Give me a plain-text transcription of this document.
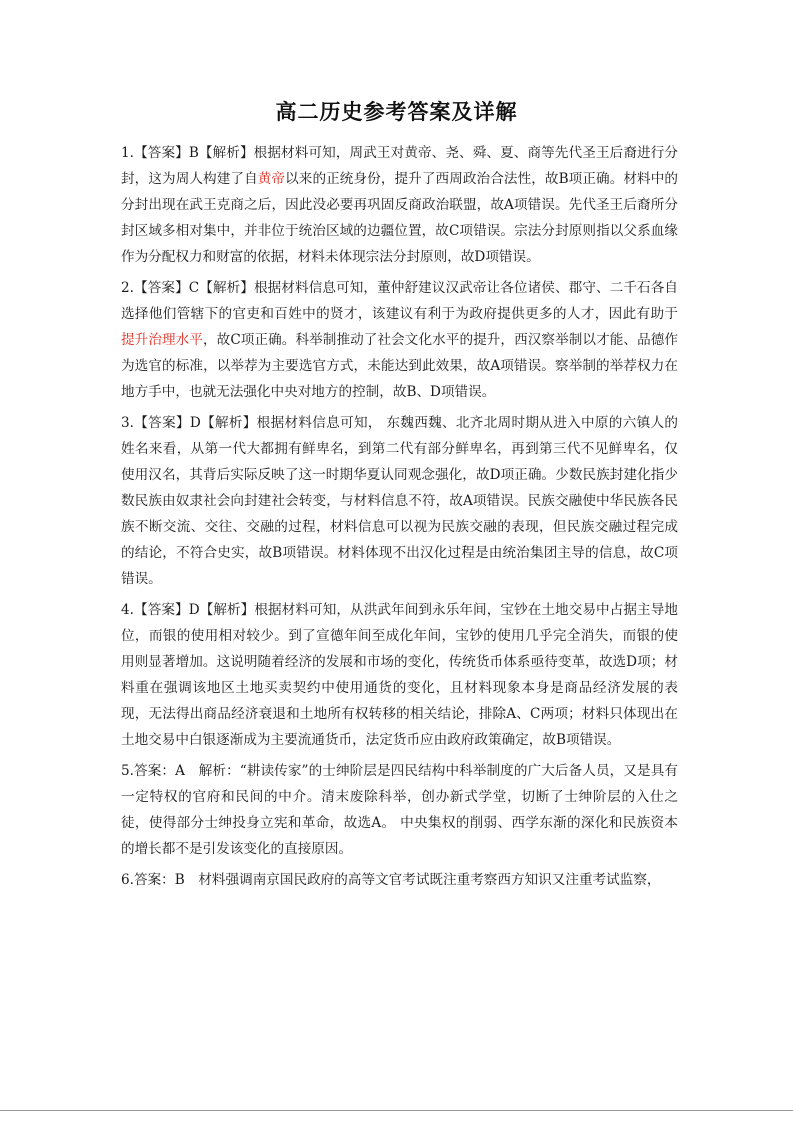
高二历史参考答案及详解

1.【答案】B【解析】根据材料可知，周武王对黄帝、尧、舜、夏、商等先代圣王后裔进行分封，这为周人构建了自黄帝以来的正统身份，提升了西周政治合法性，故B项正确。材料中的分封出现在武王克商之后，因此没必要再巩固反商政治联盟，故A项错误。先代圣王后裔所分封区域多相对集中，并非位于统治区域的边疆位置，故C项错误。宗法分封原则指以父系血缘作为分配权力和财富的依据，材料未体现宗法分封原则，故D项错误。

2.【答案】C【解析】根据材料信息可知，董仲舒建议汉武帝让各位诸侯、郡守、二千石各自选择他们管辖下的官吏和百姓中的贤才，该建议有利于为政府提供更多的人才，因此有助于提升治理水平，故C项正确。科举制推动了社会文化水平的提升，西汉察举制以才能、品德作为选官的标准，以举荐为主要选官方式，未能达到此效果，故A项错误。察举制的举荐权力在地方手中，也就无法强化中央对地方的控制，故B、D项错误。

3.【答案】D【解析】根据材料信息可知， 东魏西魏、北齐北周时期从进入中原的六镇人的姓名来看，从第一代大都拥有鲜卑名，到第二代有部分鲜卑名，再到第三代不见鲜卑名，仅使用汉名，其背后实际反映了这一时期华夏认同观念强化，故D项正确。少数民族封建化指少数民族由奴隶社会向封建社会转变，与材料信息不符，故A项错误。民族交融使中华民族各民族不断交流、交往、交融的过程，材料信息可以视为民族交融的表现，但民族交融过程完成的结论，不符合史实，故B项错误。材料体现不出汉化过程是由统治集团主导的信息，故C项错误。

4.【答案】D【解析】根据材料可知，从洪武年间到永乐年间，宝钞在土地交易中占据主导地位，而银的使用相对较少。到了宣德年间至成化年间，宝钞的使用几乎完全消失，而银的使用则显著增加。这说明随着经济的发展和市场的变化，传统货币体系亟待变革，故选D项；材料重在强调该地区土地买卖契约中使用通货的变化，且材料现象本身是商品经济发展的表现，无法得出商品经济衰退和土地所有权转移的相关结论，排除A、C两项；材料只体现出在土地交易中白银逐渐成为主要流通货币，法定货币应由政府政策确定，故B项错误。

5.答案：A　解析：“耕读传家”的士绅阶层是四民结构中科举制度的广大后备人员，又是具有一定特权的官府和民间的中介。清末废除科举，创办新式学堂，切断了士绅阶层的入仕之徒，使得部分士绅投身立宪和革命，故选A。 中央集权的削弱、西学东渐的深化和民族资本的增长都不是引发该变化的直接原因。

6.答案：B　材料强调南京国民政府的高等文官考试既注重考察西方知识又注重考试监察，
